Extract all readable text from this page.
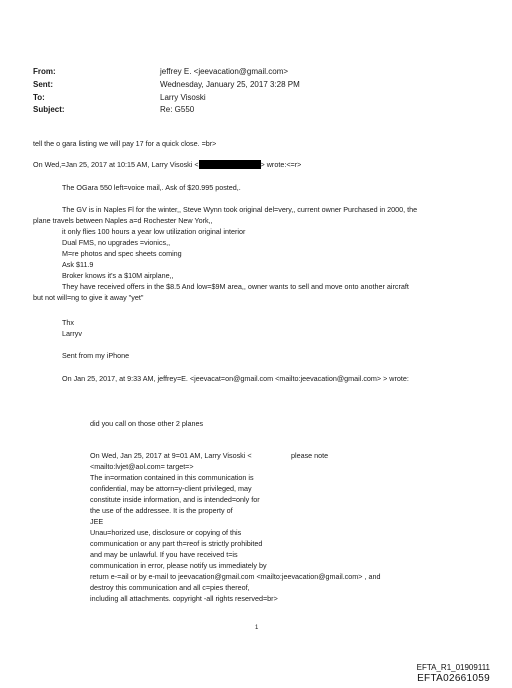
From:	jeffrey E. <jeevacation@gmail.com>
Sent:	Wednesday, January 25, 2017 3:28 PM
To:	Larry Visoski
Subject:	Re: G550
tell the o gara listing we will pay 17 for a quick close. =br>
On Wed,=Jan 25, 2017 at 10:15 AM, Larry Visoski <	> wrote:<=r>
The OGara 550 left=voice mail,. Ask of $20.995 posted,.
The GV is in Naples Fl for the winter,, Steve Wynn took original del=very,, current owner Purchased in 2000, the
plane travels between Naples a=d Rochester New York,,
it only flies 100 hours a year low utilization original interior
Dual FMS, no upgrades =vionics,,
M=re photos and spec sheets coming
Ask $11.9
Broker knows it's a $10M airplane,,
They have received offers in the $8.5 And low=$9M area,, owner wants to sell and move onto another aircraft
but not will=ng to give it away "yet"
Thx
Larryv
Sent from my iPhone
On Jan 25, 2017, at 9:33 AM, jeffrey=E. <jeevacat=on@gmail.com <mailto:jeevacation@gmail.com> > wrote:
did you call on those other 2 planes
On Wed, Jan 25, 2017 at 9=01 AM, Larry Visoski <	please note
<mailto:lvjet@aol.com= target=>
The in=ormation contained in this communication is
confidential, may be attorn=y-client privileged, may
constitute inside information, and is intended=only for
the use of the addressee. It is the property of
JEE
Unau=horized use, disclosure or copying of this
communication or any part th=reof is strictly prohibited
and may be unlawful. If you have received t=is
communication in error, please notify us immediately by
return e-=ail or by e-mail to jeevacation@gmail.com <mailto:jeevacation@gmail.com> , and
destroy this communication and all c=pies thereof,
including all attachments. copyright -all rights reserved=br>
1
EFTA_R1_01909111
EFTA02661059
